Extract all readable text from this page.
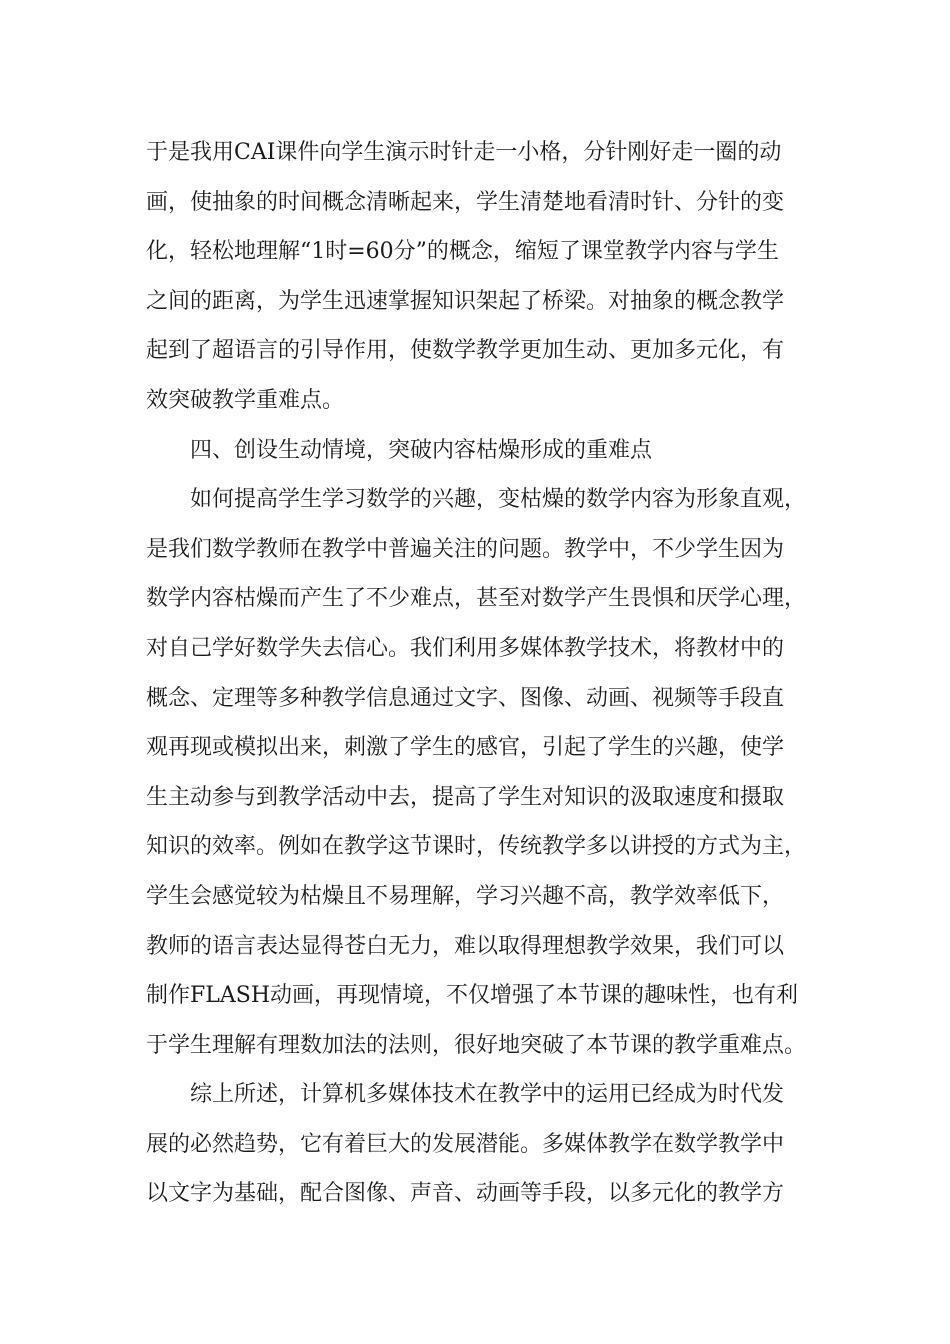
于是我用CAI课件向学生演示时针走一小格，分针刚好走一圈的动
画，使抽象的时间概念清晰起来，学生清楚地看清时针、分针的变
化，轻松地理解“1时=60分”的概念，缩短了课堂教学内容与学生
之间的距离，为学生迅速掌握知识架起了桥梁。对抽象的概念教学
起到了超语言的引导作用，使数学教学更加生动、更加多元化，有
效突破教学重难点。
四、创设生动情境，突破内容枯燥形成的重难点
如何提高学生学习数学的兴趣，变枯燥的数学内容为形象直观，
是我们数学教师在教学中普遍关注的问题。教学中，不少学生因为
数学内容枯燥而产生了不少难点，甚至对数学产生畏惧和厌学心理，
对自己学好数学失去信心。我们利用多媒体教学技术，将教材中的
概念、定理等多种教学信息通过文字、图像、动画、视频等手段直
观再现或模拟出来，刺激了学生的感官，引起了学生的兴趣，使学
生主动参与到教学活动中去，提高了学生对知识的汲取速度和摄取
知识的效率。例如在教学这节课时，传统教学多以讲授的方式为主，
学生会感觉较为枯燥且不易理解，学习兴趣不高，教学效率低下，
教师的语言表达显得苍白无力，难以取得理想教学效果，我们可以
制作FLASH动画，再现情境，不仅增强了本节课的趣味性，也有利
于学生理解有理数加法的法则，很好地突破了本节课的教学重难点。
综上所述，计算机多媒体技术在教学中的运用已经成为时代发
展的必然趋势，它有着巨大的发展潜能。多媒体教学在数学教学中
以文字为基础，配合图像、声音、动画等手段，以多元化的教学方
